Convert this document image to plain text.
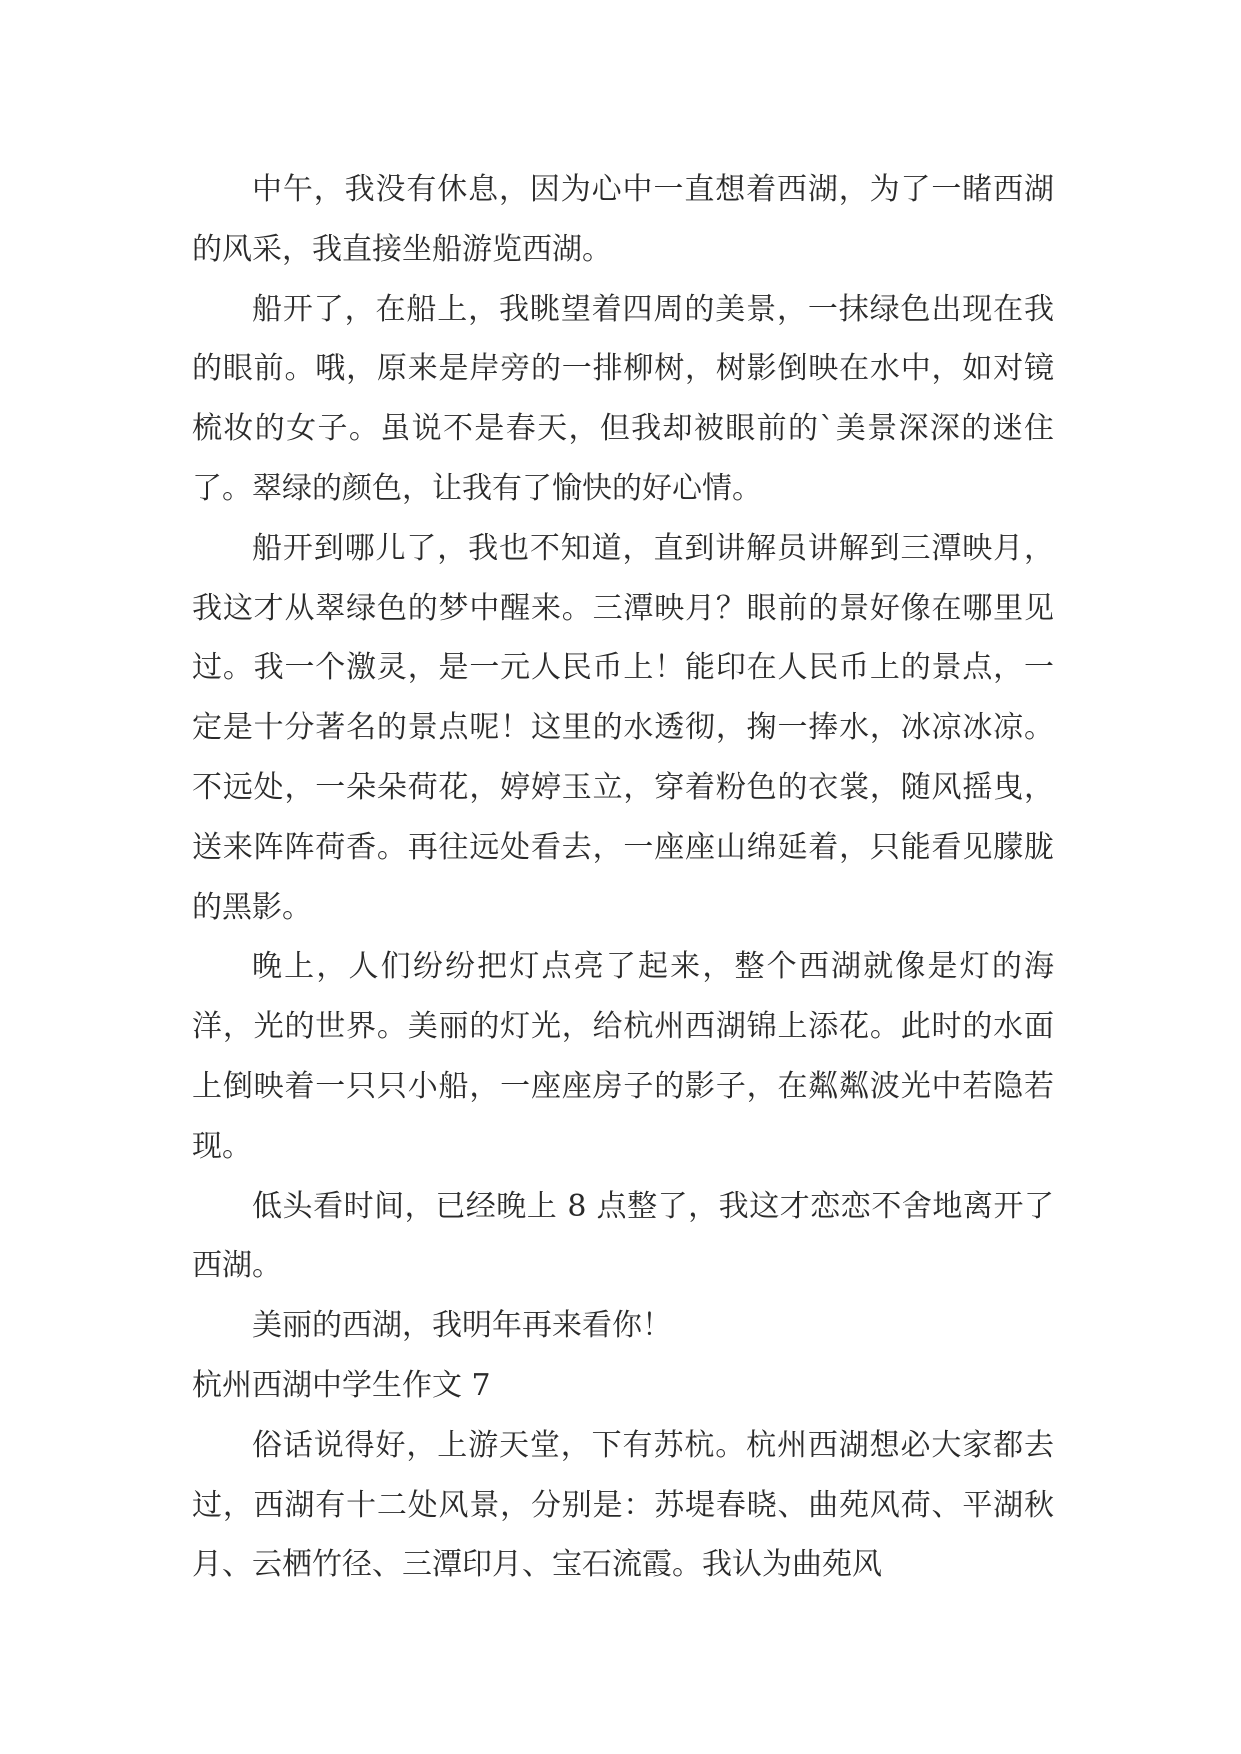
中午，我没有休息，因为心中一直想着西湖，为了一睹西湖的风采，我直接坐船游览西湖。

船开了，在船上，我眺望着四周的美景，一抹绿色出现在我的眼前。哦，原来是岸旁的一排柳树，树影倒映在水中，如对镜梳妆的女子。虽说不是春天，但我却被眼前的`美景深深的迷住了。翠绿的颜色，让我有了愉快的好心情。

船开到哪儿了，我也不知道，直到讲解员讲解到三潭映月，我这才从翠绿色的梦中醒来。三潭映月？眼前的景好像在哪里见过。我一个激灵，是一元人民币上！能印在人民币上的景点，一定是十分著名的景点呢！这里的水透彻，掬一捧水，冰凉冰凉。不远处，一朵朵荷花，婷婷玉立，穿着粉色的衣裳，随风摇曳，送来阵阵荷香。再往远处看去，一座座山绵延着，只能看见朦胧的黑影。

晚上，人们纷纷把灯点亮了起来，整个西湖就像是灯的海洋，光的世界。美丽的灯光，给杭州西湖锦上添花。此时的水面上倒映着一只只小船，一座座房子的影子，在粼粼波光中若隐若现。

低头看时间，已经晚上 8 点整了，我这才恋恋不舍地离开了西湖。

美丽的西湖，我明年再来看你！

杭州西湖中学生作文 7

俗话说得好，上游天堂，下有苏杭。杭州西湖想必大家都去过，西湖有十二处风景，分别是：苏堤春晓、曲苑风荷、平湖秋月、云栖竹径、三潭印月、宝石流霞。我认为曲苑风
